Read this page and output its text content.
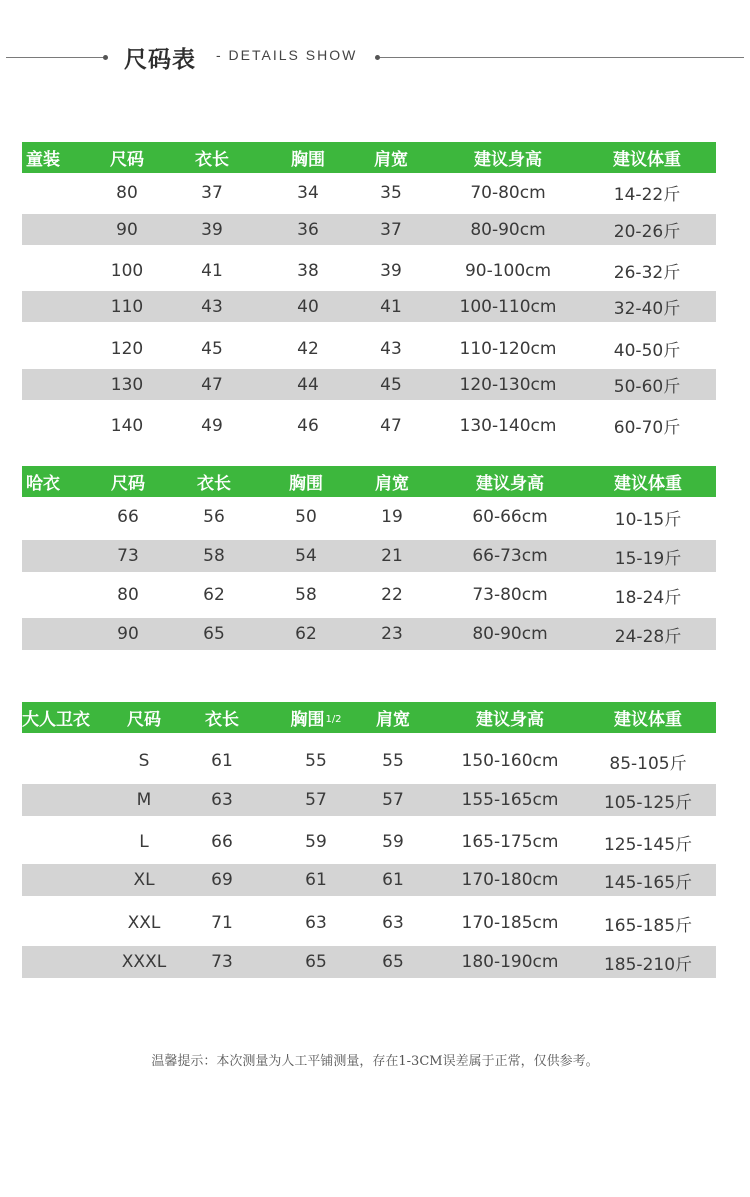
尺码表 - DETAILS SHOW
童装	尺码	衣长	胸围	肩宽	建议身高	建议体重
80	37	34	35	70-80cm	14-22斤
90	39	36	37	80-90cm	20-26斤
100	41	38	39	90-100cm	26-32斤
110	43	40	41	100-110cm	32-40斤
120	45	42	43	110-120cm	40-50斤
130	47	44	45	120-130cm	50-60斤
140	49	46	47	130-140cm	60-70斤
哈衣	尺码	衣长	胸围	肩宽	建议身高	建议体重
66	56	50	19	60-66cm	10-15斤
73	58	54	21	66-73cm	15-19斤
80	62	58	22	73-80cm	18-24斤
90	65	62	23	80-90cm	24-28斤
大人卫衣 尺码	衣长	胸围$^{1/2}$ 肩宽	建议身高	建议体重
S	61	55	55	150-160cm	85-105斤
M	63	57	57	155-165cm	105-125斤
L	66	59	59	165-175cm	125-145斤
XL	69	61	61	170-180cm	145-165斤
XXL	71	63	63	170-185cm	165-185斤
XXXL	73	65	65	180-190cm	185-210斤
温馨提示：本次测量为人工平铺测量，存在1-3CM误差属于正常，仅供参考。
